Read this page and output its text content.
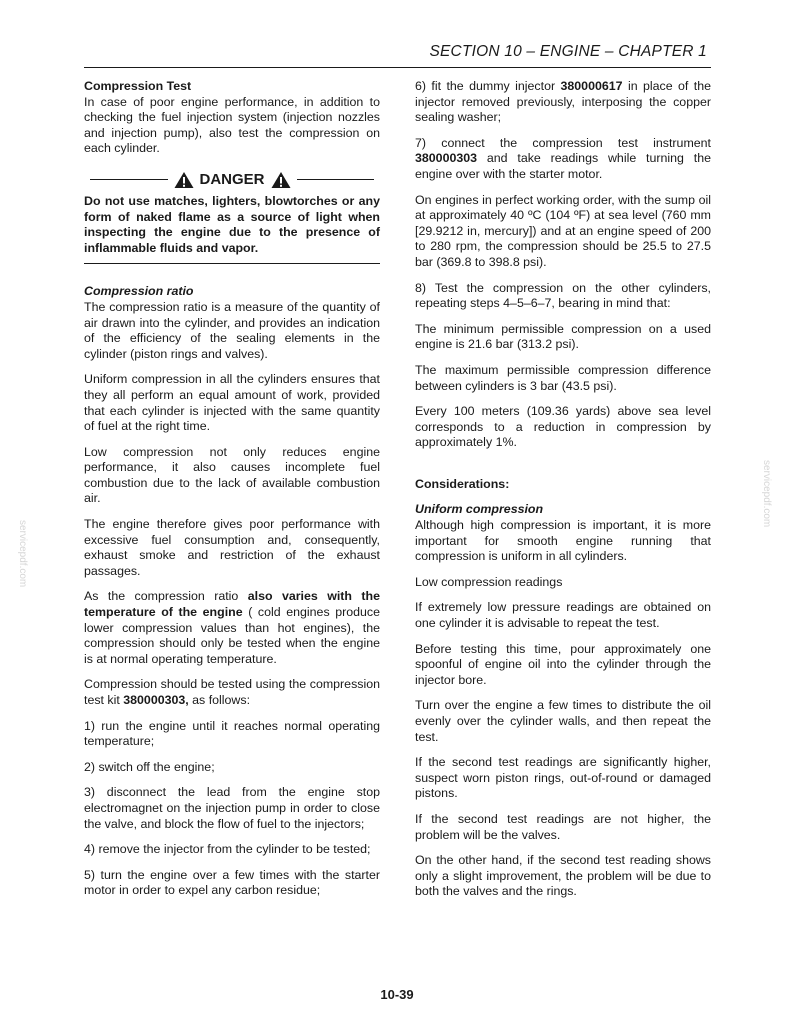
SECTION 10 – ENGINE – CHAPTER 1
Compression Test

In case of poor engine performance, in addition to checking the fuel injection system (injection nozzles and injection pump), also test the compression on each cylinder.

DANGER

Do not use matches, lighters, blowtorches or any form of naked flame as a source of light when inspecting the engine due to the presence of inflammable fluids and vapor.

Compression ratio

The compression ratio is a measure of the quantity of air drawn into the cylinder, and provides an indication of the efficiency of the sealing elements in the cylinder (piston rings and valves).

Uniform compression in all the cylinders ensures that they all perform an equal amount of work, provided that each cylinder is injected with the same quantity of fuel at the right time.

Low compression not only reduces engine performance, it also causes incomplete fuel combustion due to the lack of available combustion air.

The engine therefore gives poor performance with excessive fuel consumption and, consequently, exhaust smoke and restriction of the exhaust passages.

As the compression ratio also varies with the temperature of the engine ( cold engines produce lower compression values than hot engines), the compression should only be tested when the engine is at normal operating temperature.

Compression should be tested using the compression test kit 380000303, as follows:

1) run the engine until it reaches normal operating temperature;

2) switch off the engine;

3) disconnect the lead from the engine stop electromagnet on the injection pump in order to close the valve, and block the flow of fuel to the injectors;

4) remove the injector from the cylinder to be tested;

5) turn the engine over a few times with the starter motor in order to expel any carbon residue;

6) fit the dummy injector 380000617 in place of the injector removed previously, interposing the copper sealing washer;

7) connect the compression test instrument 380000303 and take readings while turning the engine over with the starter motor.

On engines in perfect working order, with the sump oil at approximately 40 ºC (104 ºF) at sea level (760 mm [29.9212 in, mercury]) and at an engine speed of 200 to 280 rpm, the compression should be 25.5 to 27.5 bar (369.8 to 398.8 psi).

8) Test the compression on the other cylinders, repeating steps 4–5–6–7, bearing in mind that:

The minimum permissible compression on a used engine is 21.6 bar (313.2 psi).

The maximum permissible compression difference between cylinders is 3 bar (43.5 psi).

Every 100 meters (109.36 yards) above sea level corresponds to a reduction in compression by approximately 1%.

Considerations:
Uniform compression

Although high compression is important, it is more important for smooth engine running that compression is uniform in all cylinders.

Low compression readings

If extremely low pressure readings are obtained on one cylinder it is advisable to repeat the test.

Before testing this time, pour approximately one spoonful of engine oil into the cylinder through the injector bore.

Turn over the engine a few times to distribute the oil evenly over the cylinder walls, and then repeat the test.

If the second test readings are significantly higher, suspect worn piston rings, out-of-round or damaged pistons.

If the second test readings are not higher, the problem will be the valves.

On the other hand, if the second test reading shows only a slight improvement, the problem will be due to both the valves and the rings.

servicepdf.com
servicepdf.com
10-39
